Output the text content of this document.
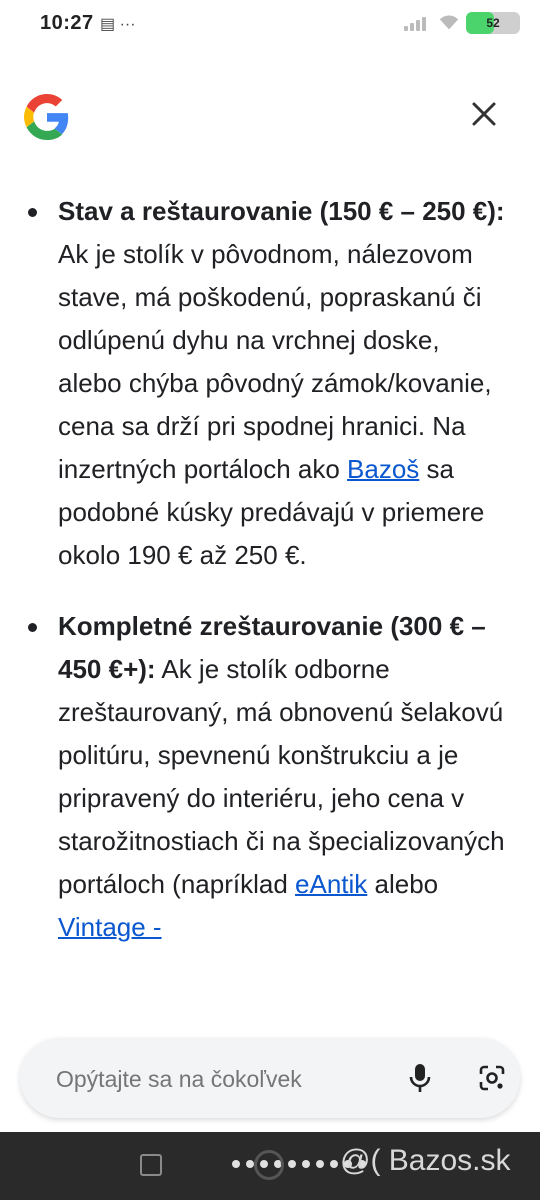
10:27 ▤ ···	52
Stav a reštaurovanie (150 € – 250 €): Ak je stolík v pôvodnom, nálezovom stave, má poškodenú, popraskanú či odlúpenú dyhu na vrchnej doske, alebo chýba pôvodný zámok/kovanie, cena sa drží pri spodnej hranici. Na inzertných portáloch ako Bazoš sa podobné kúsky predávajú v priemere okolo 190 € až 250 €.
Kompletné zreštaurovanie (300 € – 450 €+): Ak je stolík odborne zreštaurovaný, má obnovenú šelakovú politúru, spevnenú konštrukciu a je pripravený do interiéru, jeho cena v starožitnostiach či na špecializovaných portáloch (napríklad eAntik alebo Vintage -
Opýtajte sa na čokoľvek
@( Bazos.sk
